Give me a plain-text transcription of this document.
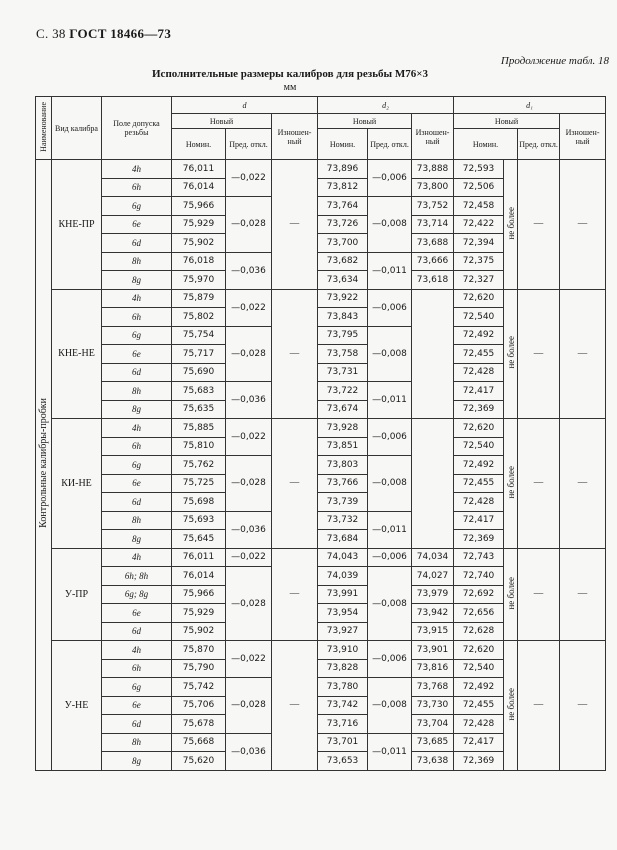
С. 38 ГОСТ 18466—73
Продолжение табл. 18
Исполнительные размеры калибров для резьбы М76×3
мм
Наименование	Вид калибра	Поле допуска резьбы	d			d₂			d₁			
			Новый		Изношен-ный	Новый		Изношен-ный	Новый			Изношен-ный
			Номин.	Пред. откл.		Номин.	Пред. откл.		Номин.		Пред. откл.	
Контрольные калибры-пробки	КНЕ-ПР	4h	76,011	—0,022	—	73,896	—0,006	73,888	72,593	не более	—	—
		6h	76,014			73,812		73,800	72,506			
		6g	75,966	—0,028		73,764	—0,008	73,752	72,458			
		6e	75,929			73,726		73,714	72,422			
		6d	75,902			73,700		73,688	72,394			
		8h	76,018	—0,036		73,682	—0,011	73,666	72,375			
		8g	75,970			73,634		73,618	72,327			
	КНЕ-НЕ	4h	75,879	—0,022	—	73,922	—0,006		72,620	не более	—	—
		6h	75,802			73,843			72,540			
		6g	75,754	—0,028		73,795	—0,008		72,492			
		6e	75,717			73,758			72,455			
		6d	75,690			73,731			72,428			
		8h	75,683	—0,036		73,722	—0,011		72,417			
		8g	75,635			73,674			72,369			
	КИ-НЕ	4h	75,885	—0,022	—	73,928	—0,006		72,620	не более	—	—
		6h	75,810			73,851			72,540			
		6g	75,762	—0,028		73,803	—0,008		72,492			
		6e	75,725			73,766			72,455			
		6d	75,698			73,739			72,428			
		8h	75,693	—0,036		73,732	—0,011		72,417			
		8g	75,645			73,684			72,369			
	У-ПР	4h	76,011	—0,022	—	74,043	—0,006	74,034	72,743	не более	—	—
		6h; 8h	76,014	—0,028		74,039	—0,008	74,027	72,740			
		6g; 8g	75,966			73,991		73,979	72,692			
		6e	75,929			73,954		73,942	72,656			
		6d	75,902			73,927		73,915	72,628			
	У-НЕ	4h	75,870	—0,022	—	73,910	—0,006	73,901	72,620	не более	—	—
		6h	75,790			73,828		73,816	72,540			
		6g	75,742	—0,028		73,780	—0,008	73,768	72,492			
		6e	75,706			73,742		73,730	72,455			
		6d	75,678			73,716		73,704	72,428			
		8h	75,668	—0,036		73,701	—0,011	73,685	72,417			
		8g	75,620			73,653		73,638	72,369			
